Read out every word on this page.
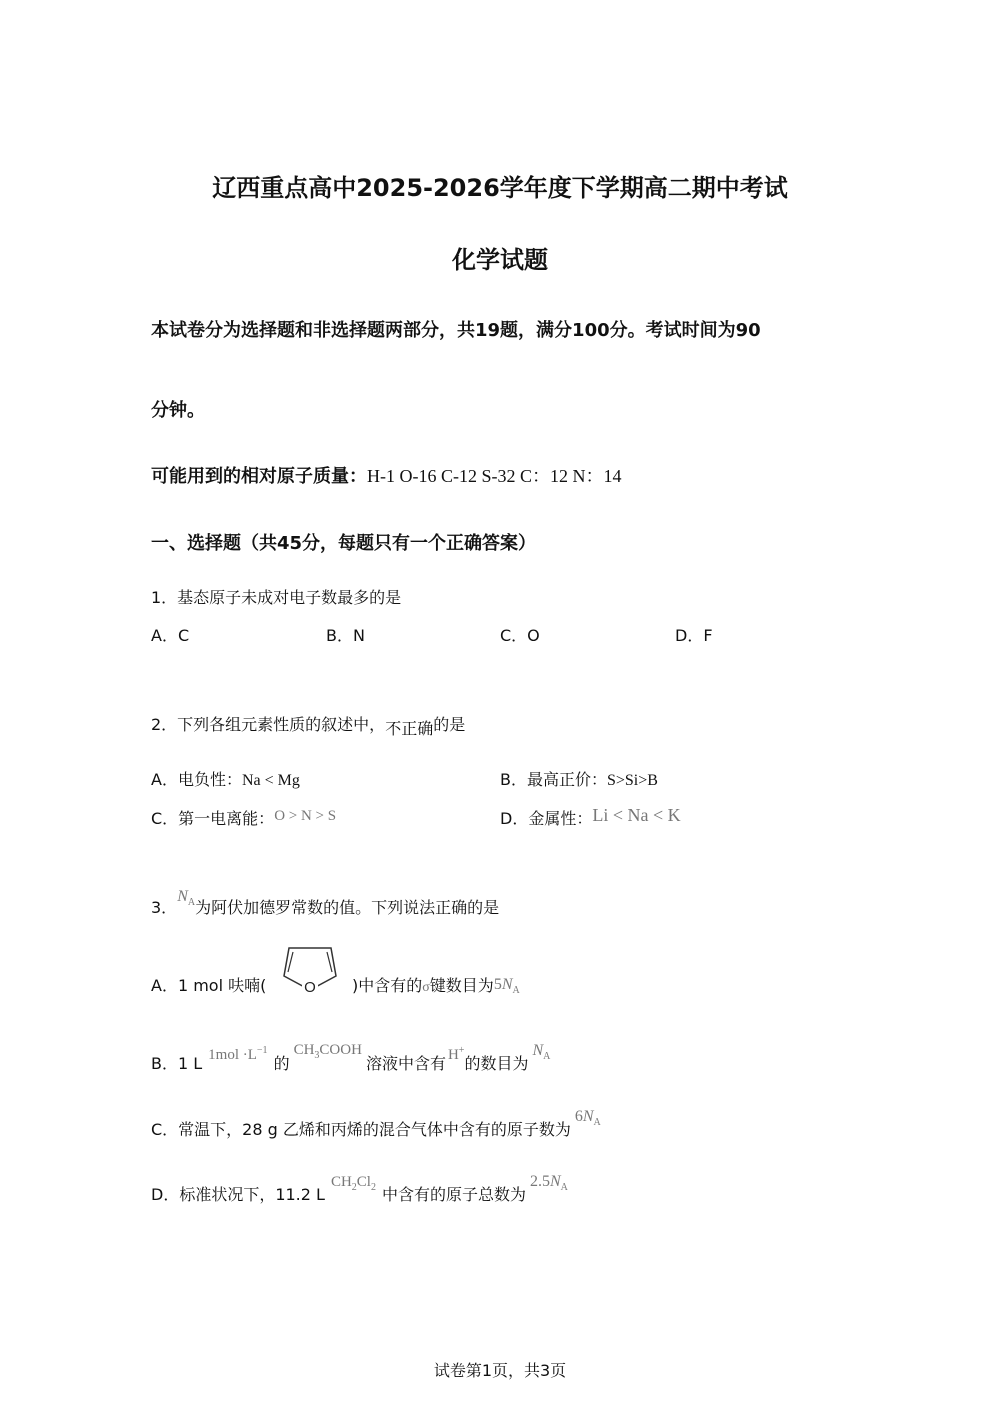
辽西重点高中2025-2026学年度下学期高二期中考试
化学试题
本试卷分为选择题和非选择题两部分，共19题，满分100分。考试时间为90
分钟。
可能用到的相对原子质量：H-1 O-16 C-12 S-32 C：12 N：14
一、选择题（共45分，每题只有一个正确答案）
1．基态原子未成对电子数最多的是
A．C	B．N	C．O	D．F
2．下列各组元素性质的叙述中，不正确的是
A．电负性：Na < Mg	B．最高正价：S>Si>B
C．第一电离能：O > N > S	D．金属性：Li < Na < K
3．$N_A$为阿伏加德罗常数的值。下列说法正确的是
A．1 mol 呋喃(	O )中含有的σ键数目为$5N_A$
B．1 L $1mol \cdot L^{-1}$的$CH_3COOH$溶液中含有 H+的数目为$N_A$
C．常温下，28 g 乙烯和丙烯的混合气体中含有的原子数为$6N_A$
D．标准状况下，11.2 $LCH_2Cl_2$ 中含有的原子总数为$2.5N_A$
试卷第1页，共3页
